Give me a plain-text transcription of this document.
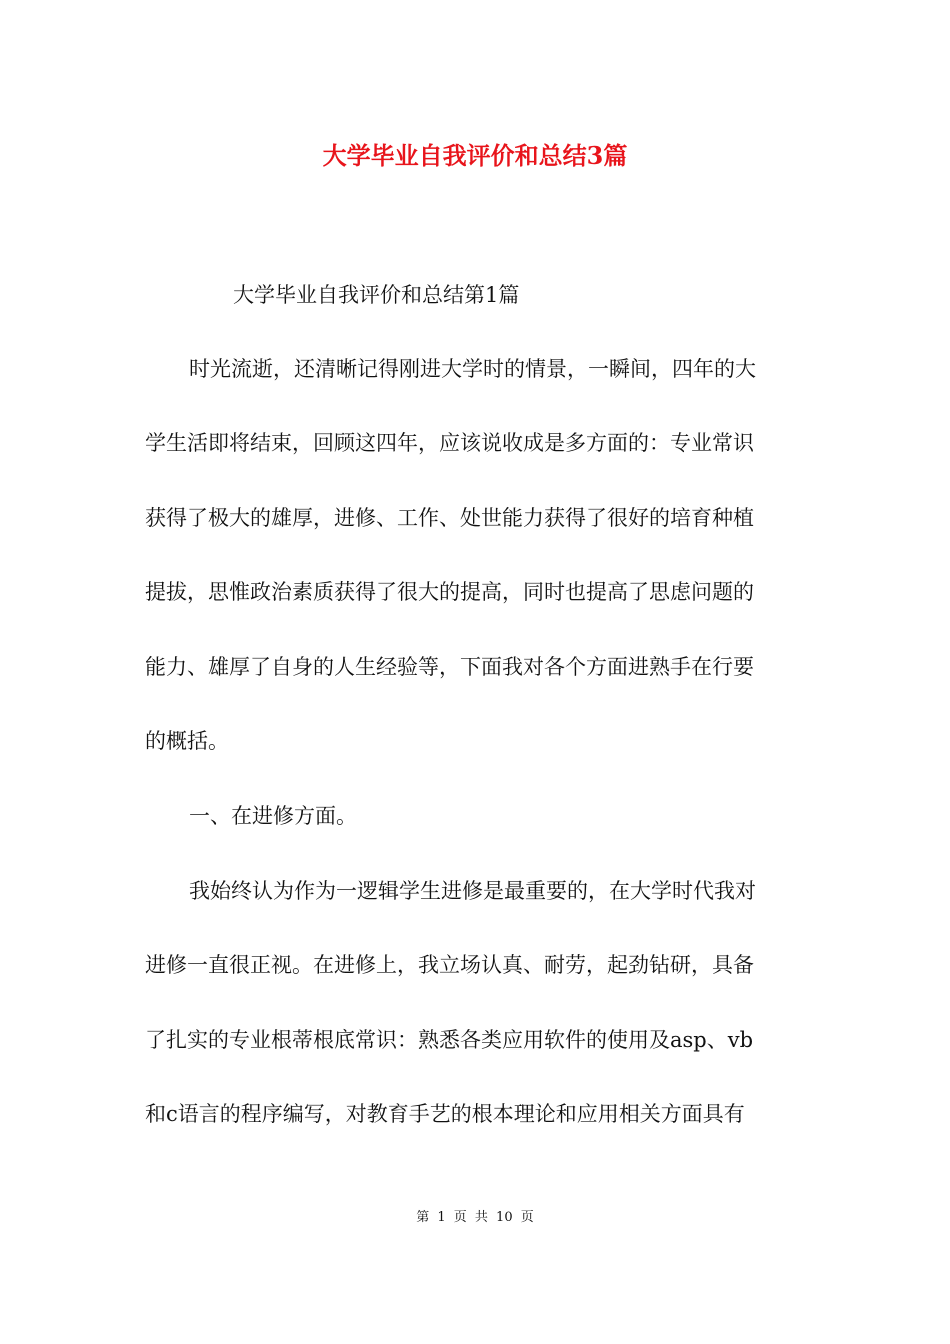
大学毕业自我评价和总结3篇
大学毕业自我评价和总结第1篇
时光流逝，还清晰记得刚进大学时的情景，一瞬间，四年的大
学生活即将结束，回顾这四年，应该说收成是多方面的：专业常识
获得了极大的雄厚，进修、工作、处世能力获得了很好的培育种植
提拔，思惟政治素质获得了很大的提高，同时也提高了思虑问题的
能力、雄厚了自身的人生经验等，下面我对各个方面进熟手在行要
的概括。
一、在进修方面。
我始终认为作为一逻辑学生进修是最重要的，在大学时代我对
进修一直很正视。在进修上，我立场认真、耐劳，起劲钻研，具备
了扎实的专业根蒂根底常识：熟悉各类应用软件的使用及asp、vb
和c语言的程序编写，对教育手艺的根本理论和应用相关方面具有
第 1 页 共 10 页
